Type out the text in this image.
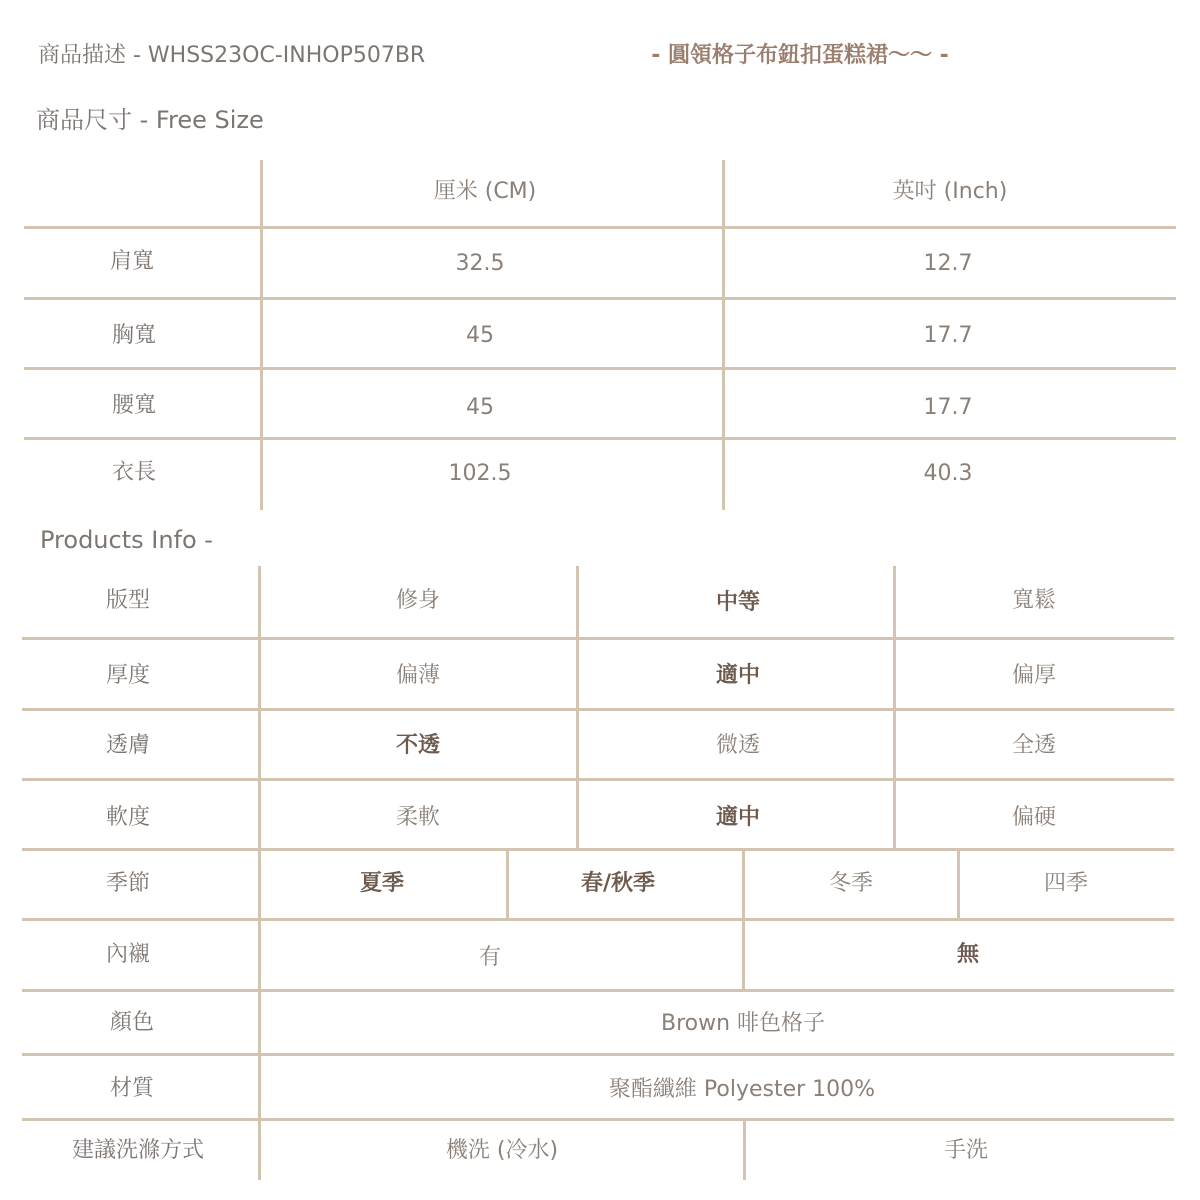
商品描述 - WHSS23OC-INHOP507BR	- 圓領格子布鈕扣蛋糕裙〜〜 -
商品尺寸 - Free Size
厘米 (CM)	英吋 (Inch)
肩寬	32.5	12.7
胸寬	45	17.7
腰寬	45	17.7
衣長	102.5	40.3
Products Info -
版型	修身	中等	寬鬆
厚度	偏薄	適中	偏厚
透膚	不透	微透	全透
軟度	柔軟	適中	偏硬
季節	夏季	春/秋季	冬季	四季
內襯	有	無
顏色	Brown 啡色格子
材質	聚酯纖維 Polyester 100%
建議洗滌方式	機洗 (冷水)	手洗
